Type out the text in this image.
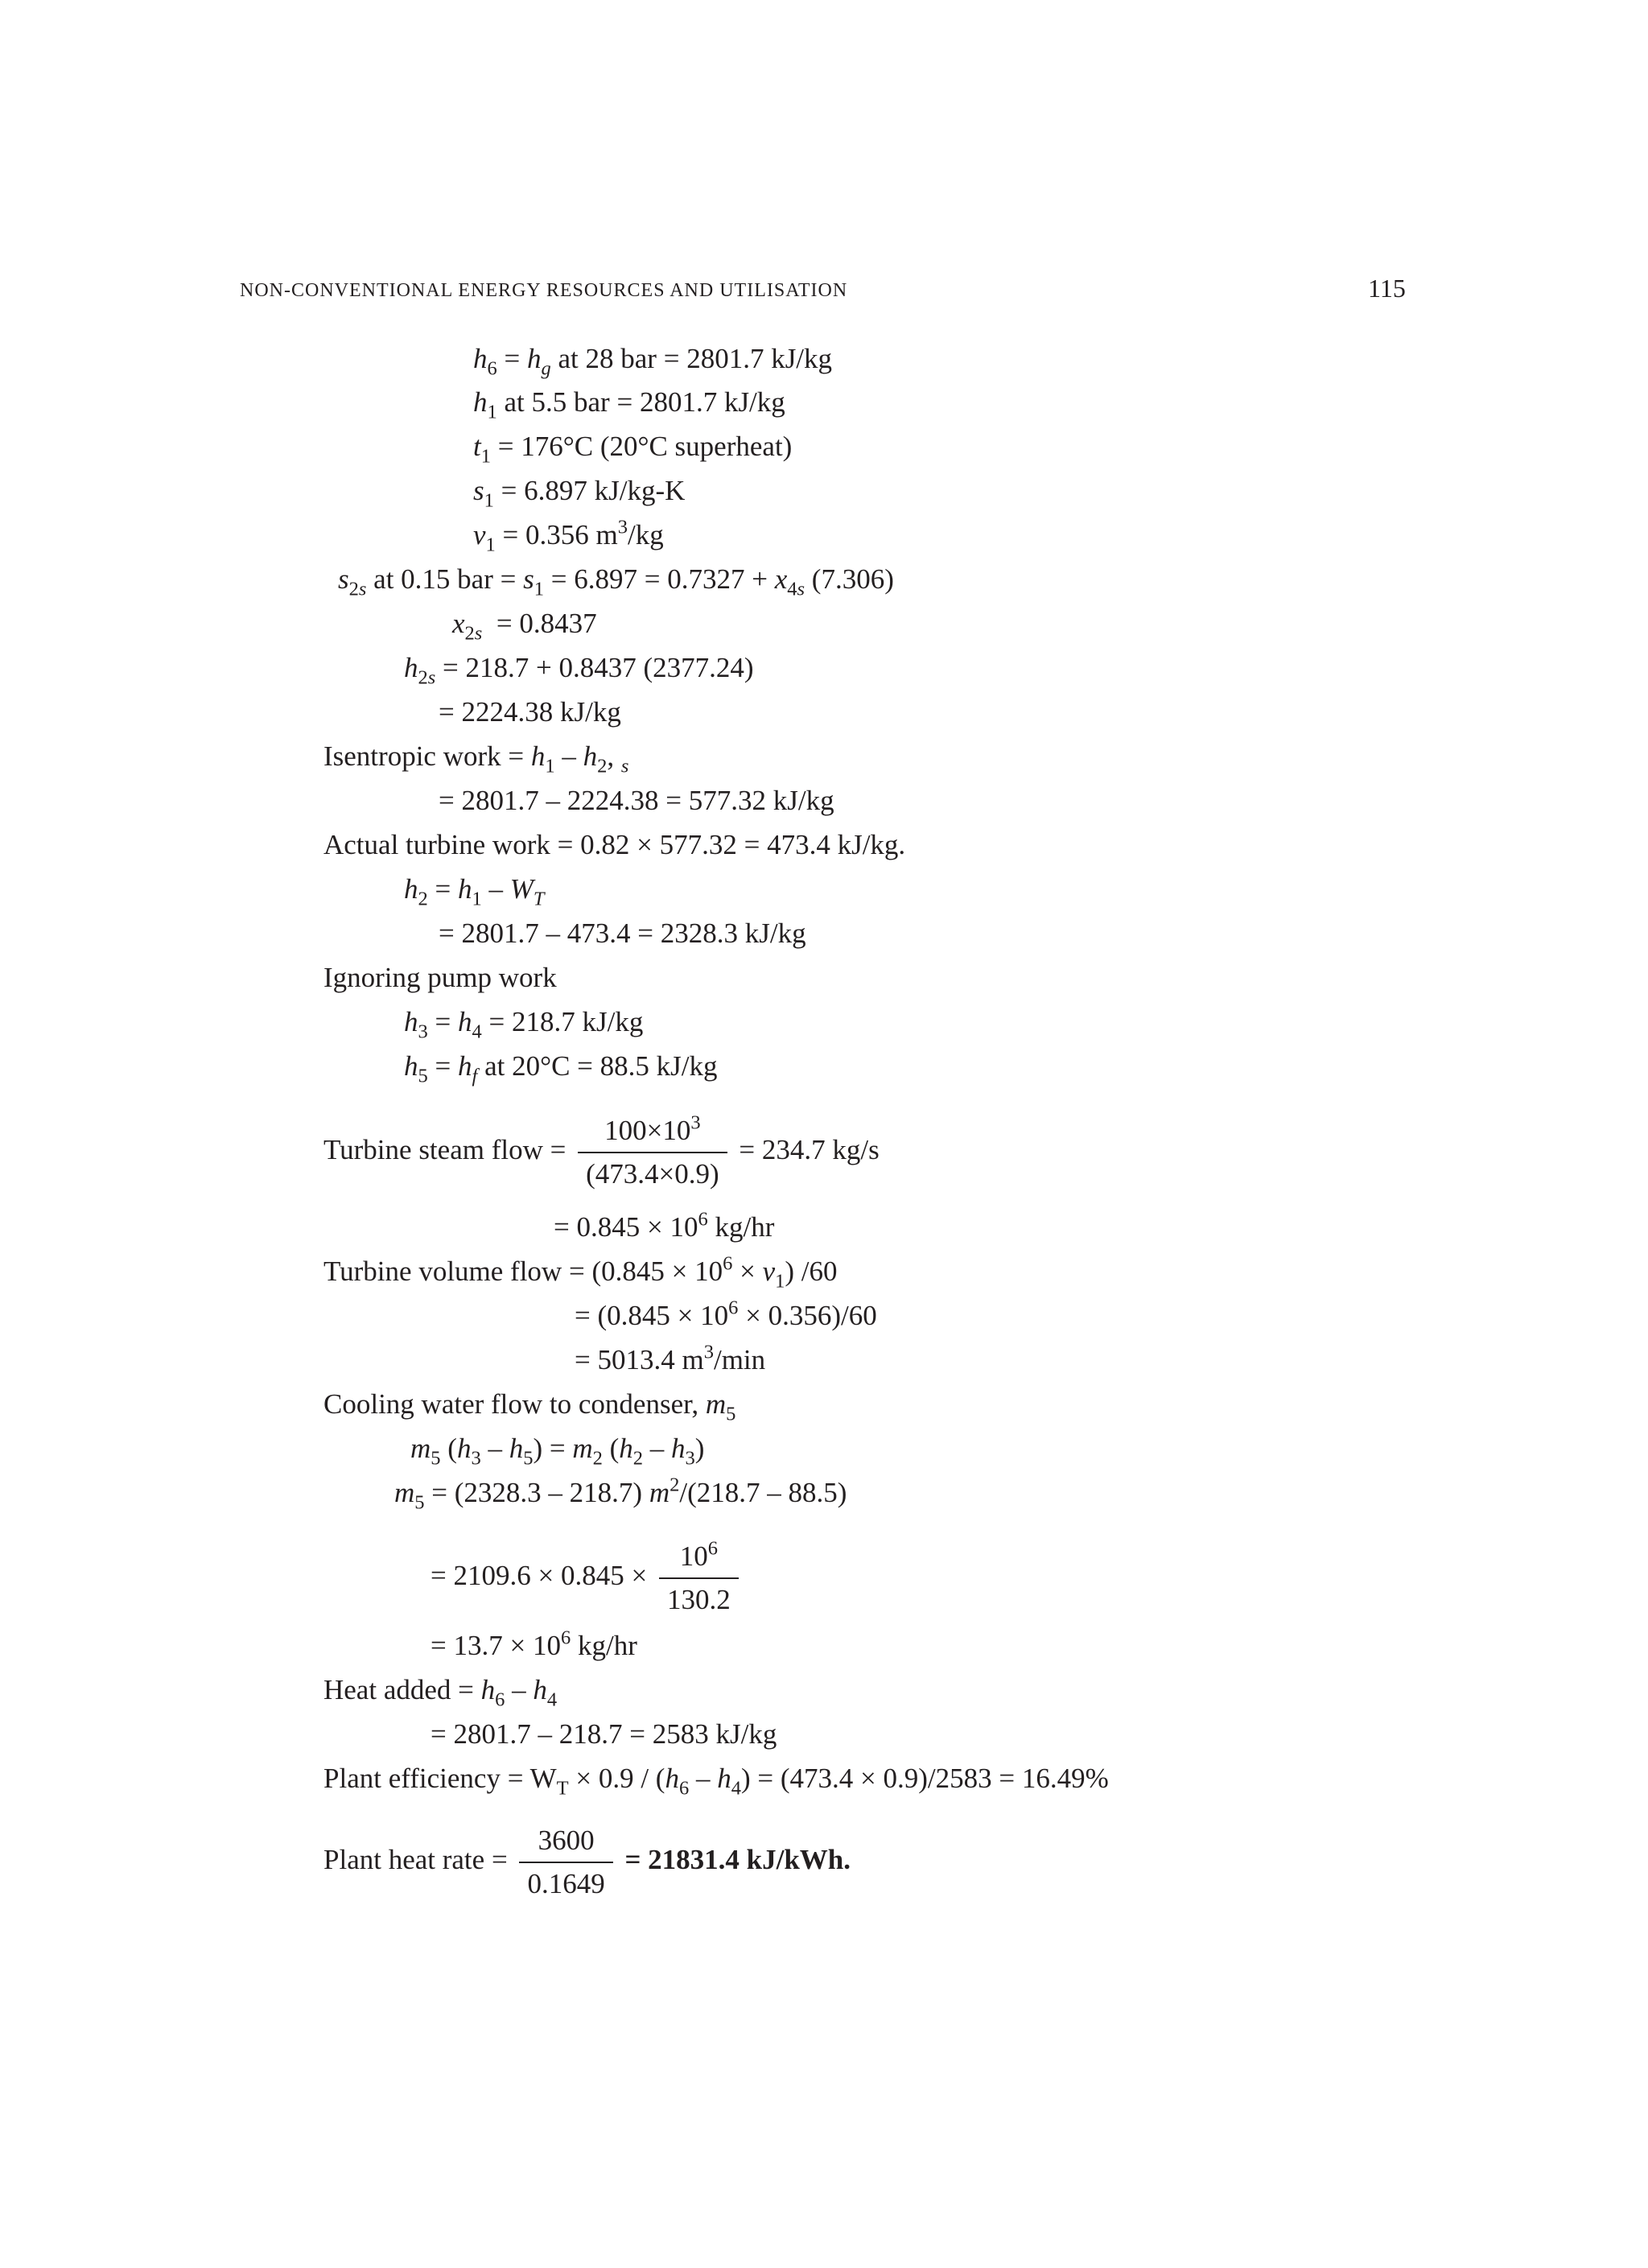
NON-CONVENTIONAL ENERGY RESOURCES AND UTILISATION	115
$h_6 = h_g$ at 28 bar = 2801.7 kJ/kg
$h_1$ at 5.5 bar = 2801.7 kJ/kg
$t_1 = 176^\circ C$ (20°C superheat)
$s_1 = 6.897$ kJ/kg-K
$v_1 = 0.356$ $m^3/kg$
$s_{2s}$ at 0.15 bar = $s_1 = 6.897 = 0.7327 + x_{4s}$ (7.306)
$x_{2s} = 0.8437$
$h_{2s} = 218.7 + 0.8437$ (2377.24)
= 2224.38 kJ/kg
Isentropic work = $h_1 - h_2$, $_s$
= 2801.7 – 2224.38 = 577.32 kJ/kg
Actual turbine work = 0.82 × 577.32 = 473.4 kJ/kg.
$h_2 = h_1 - W_T$
= 2801.7 – 473.4 = 2328.3 kJ/kg
Ignoring pump work
$h_3 = h_4 = 218.7$ kJ/kg
$h_5 = h_f$ at 20°C = 88.5 kJ/kg
Turbine steam flow = $\frac{100\times 10^3}{(473.4\times 0.9)} = 234.7$ kg/s
= $0.845 \times 10^6$ kg/hr
Turbine volume flow = $(0.845 \times 10^6 \times v_1)$ /60
= $(0.845 \times 10^6 \times 0.356)/60$
= 5013.4 $m^3/\min$
Cooling water flow to condenser, $m_5$
$m_5$ $(h_3 - h_5) = m_2$ $(h_2 - h_3)$
$m_5 = (2328.3 - 218.7)$ $m^2/(218.7 - 88.5)$
= $2109.6 \times 0.845 \times \frac{10^6}{130.2}$
= $13.7 \times 10^6$ kg/hr
Heat added = $h_6 - h_4$
= 2801.7 – 218.7 = 2583 kJ/kg
Plant efficiency = $W_T \times 0.9 / (h_6 - h_4) = (473.4 \times 0.9)/2583 = 16.49\%$
Plant heat rate = $\frac{3600}{0.1649} = 21831.4$ kJ/kWh.
